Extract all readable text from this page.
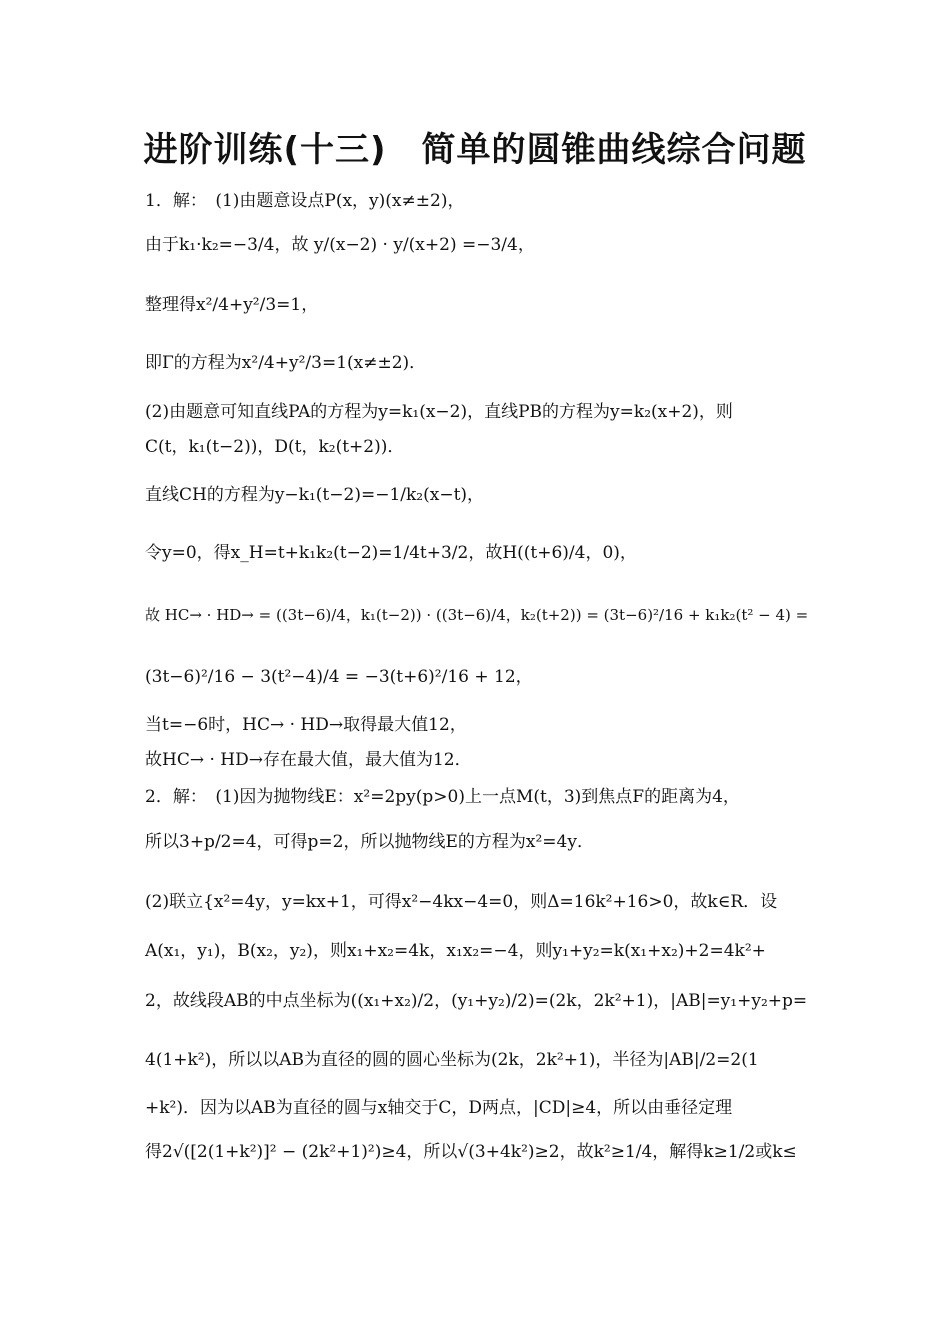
进阶训练(十三)　简单的圆锥曲线综合问题
1．解：　(1)由题意设点P(x，y)(x≠±2)，
由于k₁·k₂=−3/4，故 y/(x−2) · y/(x+2) =−3/4，
整理得x²/4+y²/3=1，
即Γ的方程为x²/4+y²/3=1(x≠±2)．
(2)由题意可知直线PA的方程为y=k₁(x−2)，直线PB的方程为y=k₂(x+2)，则
C(t，k₁(t−2))，D(t，k₂(t+2))．
直线CH的方程为y−k₁(t−2)=−1/k₂(x−t)，
令y=0，得x_H=t+k₁k₂(t−2)=1/4t+3/2，故H((t+6)/4，0)，
故 HC→ · HD→ = ((3t−6)/4，k₁(t−2)) · ((3t−6)/4，k₂(t+2)) = (3t−6)²/16 + k₁k₂(t² − 4) =
(3t−6)²/16 − 3(t²−4)/4 = −3(t+6)²/16 + 12，
当t=−6时，HC→ · HD→取得最大值12，
故HC→ · HD→存在最大值，最大值为12．
2．解：　(1)因为抛物线E：x²=2py(p>0)上一点M(t，3)到焦点F的距离为4，
所以3+p/2=4，可得p=2，所以抛物线E的方程为x²=4y．
(2)联立{x²=4y，y=kx+1，可得x²−4kx−4=0，则Δ=16k²+16>0，故k∈R．设
A(x₁，y₁)，B(x₂，y₂)，则x₁+x₂=4k，x₁x₂=−4，则y₁+y₂=k(x₁+x₂)+2=4k²+
2，故线段AB的中点坐标为((x₁+x₂)/2，(y₁+y₂)/2)=(2k，2k²+1)，|AB|=y₁+y₂+p=
4(1+k²)，所以以AB为直径的圆的圆心坐标为(2k，2k²+1)，半径为|AB|/2=2(1
+k²)．因为以AB为直径的圆与x轴交于C，D两点，|CD|≥4，所以由垂径定理
得2√([2(1+k²)]² − (2k²+1)²)≥4，所以√(3+4k²)≥2，故k²≥1/4，解得k≥1/2或k≤
